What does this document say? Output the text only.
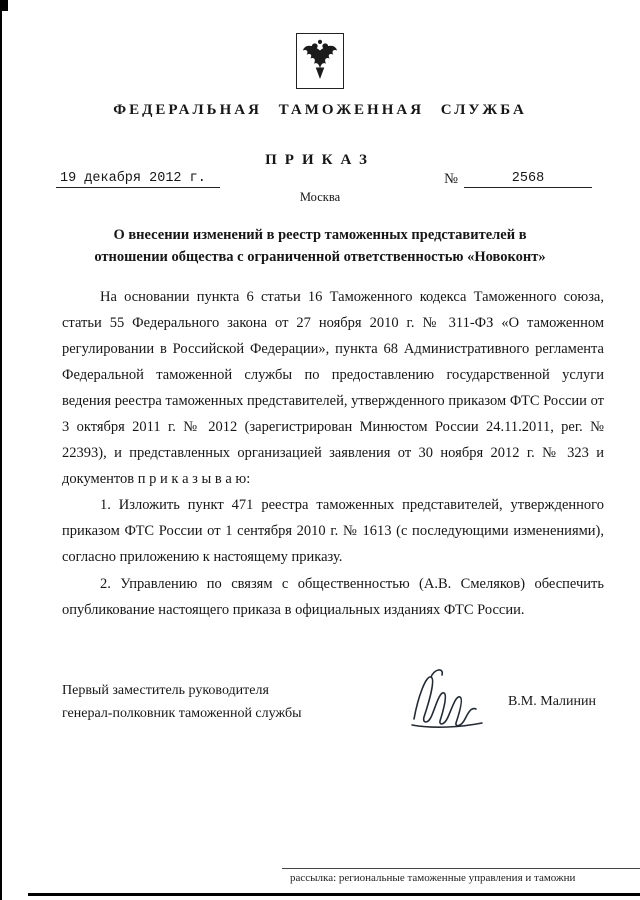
ФЕДЕРАЛЬНАЯ ТАМОЖЕННАЯ СЛУЖБА
ПРИКАЗ
19 декабря 2012 г.	№	2568
Москва
О внесении изменений в реестр таможенных представителей в отношении общества с ограниченной ответственностью «Новоконт»

На основании пункта 6 статьи 16 Таможенного кодекса Таможенного союза, статьи 55 Федерального закона от 27 ноября 2010 г. № 311-ФЗ «О таможенном регулировании в Российской Федерации», пункта 68 Административного регламента Федеральной таможенной службы по предоставлению государственной услуги ведения реестра таможенных представителей, утвержденного приказом ФТС России от 3 октября 2011 г. № 2012 (зарегистрирован Минюстом России 24.11.2011, рег. № 22393), и представленных организацией заявления от 30 ноября 2012 г. № 323 и документов п р и к а з ы в а ю:

1. Изложить пункт 471 реестра таможенных представителей, утвержденного приказом ФТС России от 1 сентября 2010 г. № 1613 (с последующими изменениями), согласно приложению к настоящему приказу.

2. Управлению по связям с общественностью (А.В. Смеляков) обеспечить опубликование настоящего приказа в официальных изданиях ФТС России.

Первый заместитель руководителя
генерал-полковник таможенной службы
В.М. Малинин
рассылка: региональные таможенные управления и таможни
